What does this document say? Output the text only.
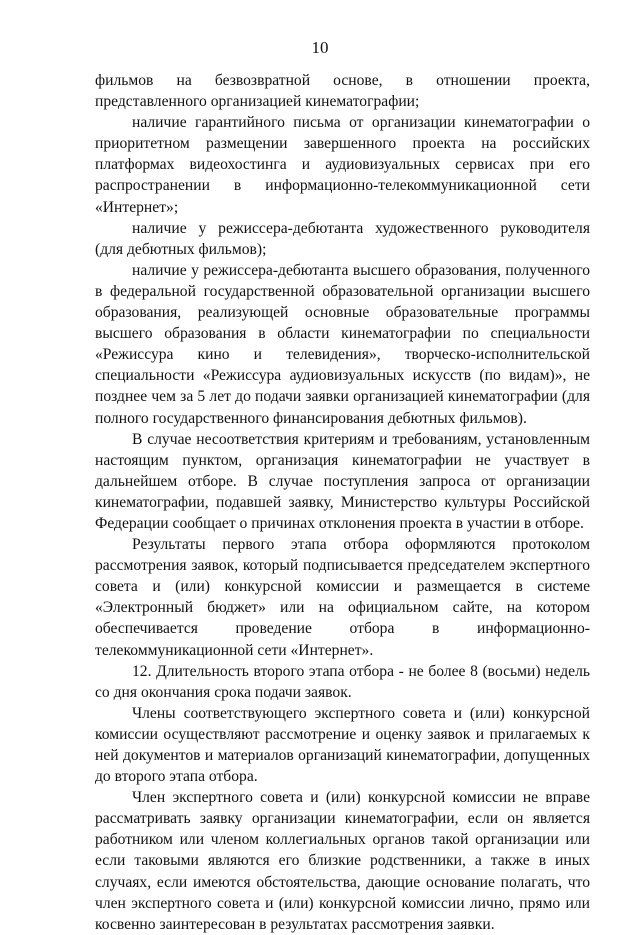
10

фильмов на безвозвратной основе, в отношении проекта, представленного организацией кинематографии;

наличие гарантийного письма от организации кинематографии о приоритетном размещении завершенного проекта на российских платформах видеохостинга и аудиовизуальных сервисах при его распространении в информационно-телекоммуникационной сети «Интернет»;

наличие у режиссера-дебютанта художественного руководителя (для дебютных фильмов);

наличие у режиссера-дебютанта высшего образования, полученного в федеральной государственной образовательной организации высшего образования, реализующей основные образовательные программы высшего образования в области кинематографии по специальности «Режиссура кино и телевидения», творческо-исполнительской специальности «Режиссура аудиовизуальных искусств (по видам)», не позднее чем за 5 лет до подачи заявки организацией кинематографии (для полного государственного финансирования дебютных фильмов).

В случае несоответствия критериям и требованиям, установленным настоящим пунктом, организация кинематографии не участвует в дальнейшем отборе. В случае поступления запроса от организации кинематографии, подавшей заявку, Министерство культуры Российской Федерации сообщает о причинах отклонения проекта в участии в отборе.

Результаты первого этапа отбора оформляются протоколом рассмотрения заявок, который подписывается председателем экспертного совета и (или) конкурсной комиссии и размещается в системе «Электронный бюджет» или на официальном сайте, на котором обеспечивается проведение отбора в информационно-телекоммуникационной сети «Интернет».

12. Длительность второго этапа отбора - не более 8 (восьми) недель со дня окончания срока подачи заявок.

Члены соответствующего экспертного совета и (или) конкурсной комиссии осуществляют рассмотрение и оценку заявок и прилагаемых к ней документов и материалов организаций кинематографии, допущенных до второго этапа отбора.

Член экспертного совета и (или) конкурсной комиссии не вправе рассматривать заявку организации кинематографии, если он является работником или членом коллегиальных органов такой организации или если таковыми являются его близкие родственники, а также в иных случаях, если имеются обстоятельства, дающие основание полагать, что член экспертного совета и (или) конкурсной комиссии лично, прямо или косвенно заинтересован в результатах рассмотрения заявки.
